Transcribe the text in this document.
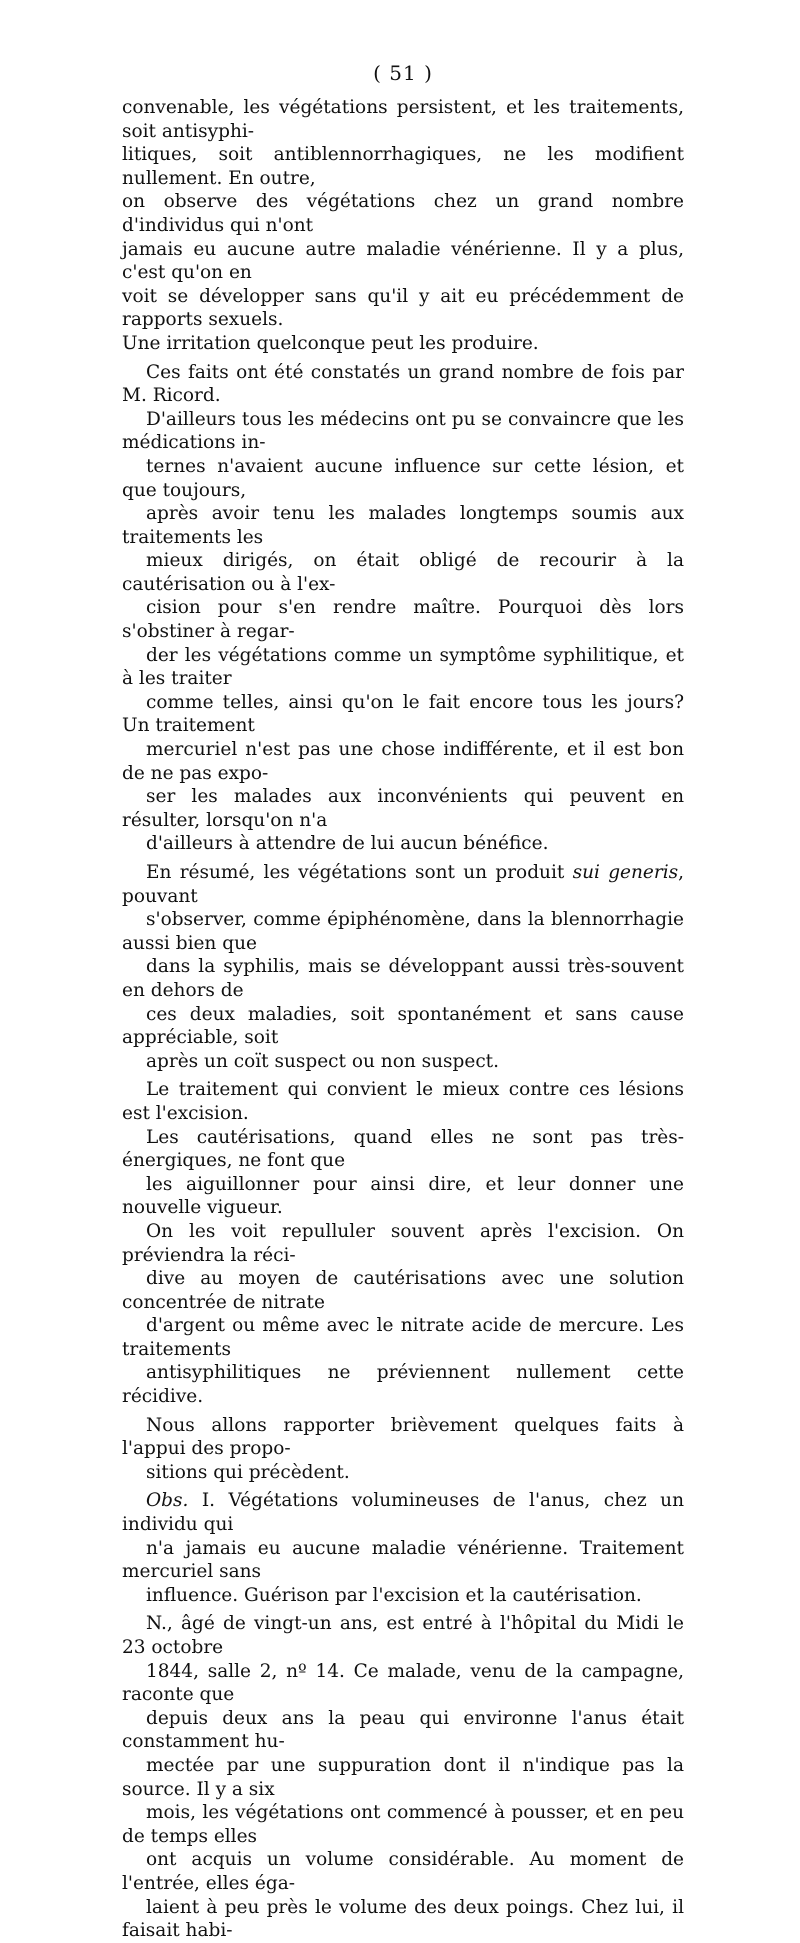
( 51 )

convenable, les végétations persistent, et les traitements, soit antisyphi-
litiques, soit antiblennorrhagiques, ne les modifient nullement. En outre,
on observe des végétations chez un grand nombre d'individus qui n'ont
jamais eu aucune autre maladie vénérienne. Il y a plus, c'est qu'on en
voit se développer sans qu'il y ait eu précédemment de rapports sexuels.
Une irritation quelconque peut les produire.

Ces faits ont été constatés un grand nombre de fois par M. Ricord.
D'ailleurs tous les médecins ont pu se convaincre que les médications in-
ternes n'avaient aucune influence sur cette lésion, et que toujours,
après avoir tenu les malades longtemps soumis aux traitements les
mieux dirigés, on était obligé de recourir à la cautérisation ou à l'ex-
cision pour s'en rendre maître. Pourquoi dès lors s'obstiner à regar-
der les végétations comme un symptôme syphilitique, et à les traiter
comme telles, ainsi qu'on le fait encore tous les jours? Un traitement
mercuriel n'est pas une chose indifférente, et il est bon de ne pas expo-
ser les malades aux inconvénients qui peuvent en résulter, lorsqu'on n'a
d'ailleurs à attendre de lui aucun bénéfice.

En résumé, les végétations sont un produit sui generis, pouvant
s'observer, comme épiphénomène, dans la blennorrhagie aussi bien que
dans la syphilis, mais se développant aussi très-souvent en dehors de
ces deux maladies, soit spontanément et sans cause appréciable, soit
après un coït suspect ou non suspect.

Le traitement qui convient le mieux contre ces lésions est l'excision.
Les cautérisations, quand elles ne sont pas très-énergiques, ne font que
les aiguillonner pour ainsi dire, et leur donner une nouvelle vigueur.
On les voit repulluler souvent après l'excision. On préviendra la réci-
dive au moyen de cautérisations avec une solution concentrée de nitrate
d'argent ou même avec le nitrate acide de mercure. Les traitements
antisyphilitiques ne préviennent nullement cette récidive.

Nous allons rapporter brièvement quelques faits à l'appui des propo-
sitions qui précèdent.

Obs. I. Végétations volumineuses de l'anus, chez un individu qui
n'a jamais eu aucune maladie vénérienne. Traitement mercuriel sans
influence. Guérison par l'excision et la cautérisation.

N., âgé de vingt-un ans, est entré à l'hôpital du Midi le 23 octobre
1844, salle 2, nº 14. Ce malade, venu de la campagne, raconte que
depuis deux ans la peau qui environne l'anus était constamment hu-
mectée par une suppuration dont il n'indique pas la source. Il y a six
mois, les végétations ont commencé à pousser, et en peu de temps elles
ont acquis un volume considérable. Au moment de l'entrée, elles éga-
laient à peu près le volume des deux poings. Chez lui, il faisait habi-
